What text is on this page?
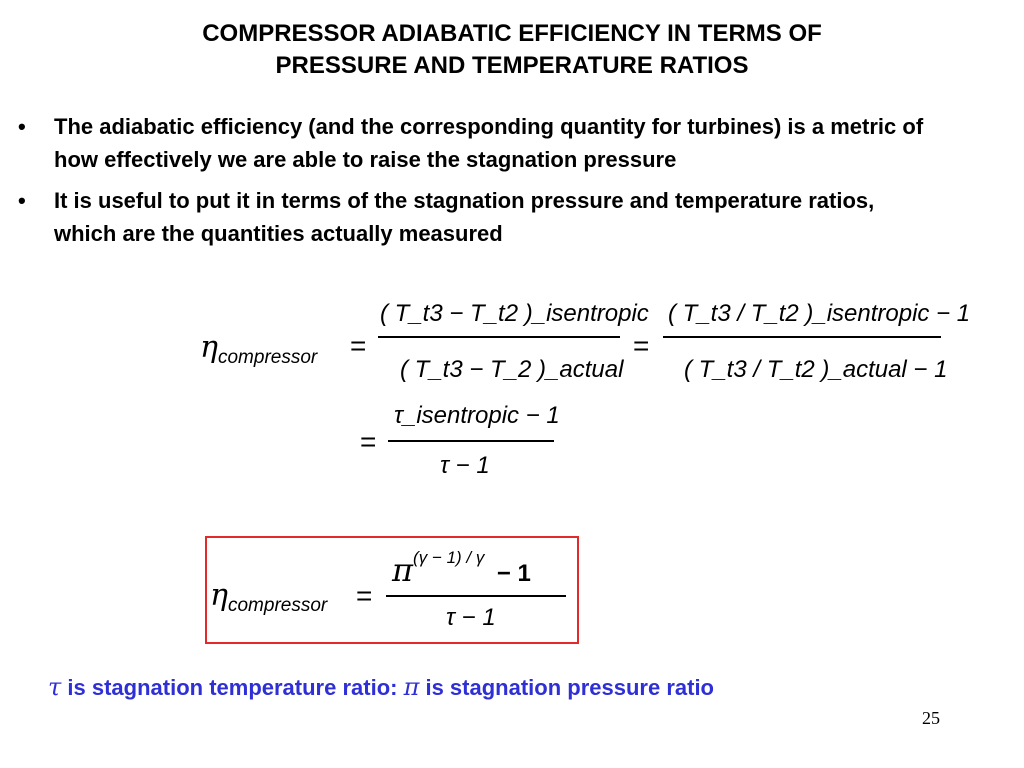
COMPRESSOR ADIABATIC EFFICIENCY IN TERMS OF
PRESSURE AND TEMPERATURE RATIOS
•	The adiabatic efficiency (and the corresponding quantity for turbines) is a metric of how effectively we are able to raise the stagnation pressure
•	It is useful to put it in terms of the stagnation pressure and temperature ratios, which are the quantities actually measured
$\eta_{compressor}$ =
( T_t3 − T_t2 )_isentropic
( T_t3 − T_2 )_actual
=
( T_t3 / T_t2 )_isentropic − 1
( T_t3 / T_t2 )_actual − 1
=
τ_isentropic − 1
τ − 1
$\eta_{compressor}$ =
π(γ − 1) / γ − 1
τ − 1
τ is stagnation temperature ratio: π is stagnation pressure ratio
25
